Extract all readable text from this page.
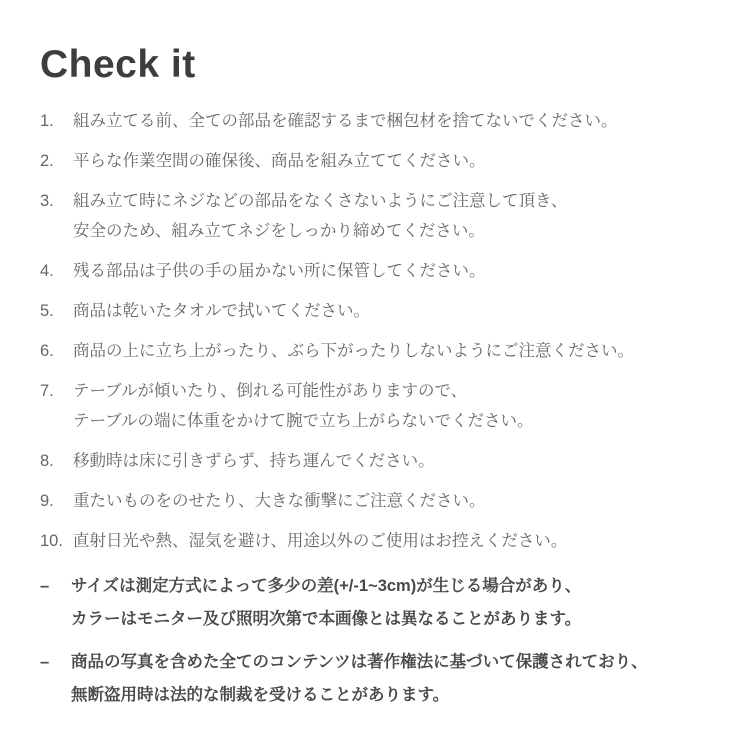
Check it
1.	組み立てる前、全ての部品を確認するまで梱包材を捨てないでください。
2.	平らな作業空間の確保後、商品を組み立ててください。
3.	組み立て時にネジなどの部品をなくさないようにご注意して頂き、
安全のため、組み立てネジをしっかり締めてください。
4.	残る部品は子供の手の届かない所に保管してください。
5.	商品は乾いたタオルで拭いてください。
6.	商品の上に立ち上がったり、ぶら下がったりしないようにご注意ください。
7.	テーブルが傾いたり、倒れる可能性がありますので、
テーブルの端に体重をかけて腕で立ち上がらないでください。
8.	移動時は床に引きずらず、持ち運んでください。
9.	重たいものをのせたり、大きな衝撃にご注意ください。
10. 直射日光や熱、湿気を避け、用途以外のご使用はお控えください。
–	サイズは測定方式によって多少の差(+/-1~3cm)が生じる場合があり、
カラーはモニター及び照明次第で本画像とは異なることがあります。
–	商品の写真を含めた全てのコンテンツは著作権法に基づいて保護されており、
無断盗用時は法的な制裁を受けることがあります。
